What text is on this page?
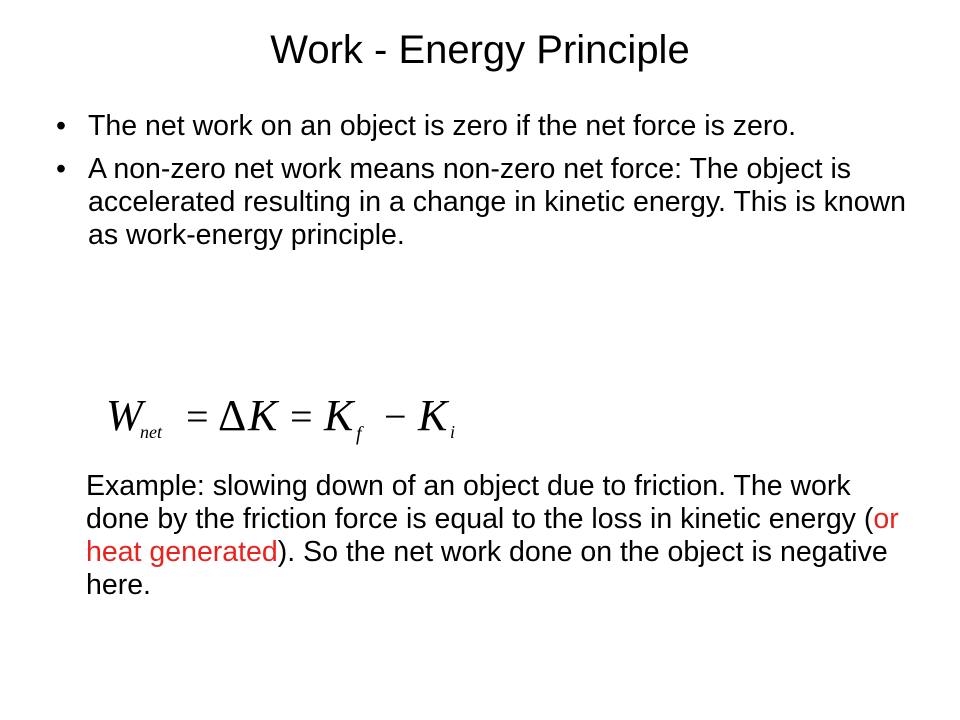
Work - Energy Principle
• The net work on an object is zero if the net force is zero.
• A non-zero net work means non-zero net force: The object is accelerated resulting in a change in kinetic energy. This is known as work-energy principle.
W
net = Δ K = K f − K i

Example: slowing down of an object due to friction. The work done by the friction force is equal to the loss in kinetic energy (or heat generated). So the net work done on the object is negative here.
